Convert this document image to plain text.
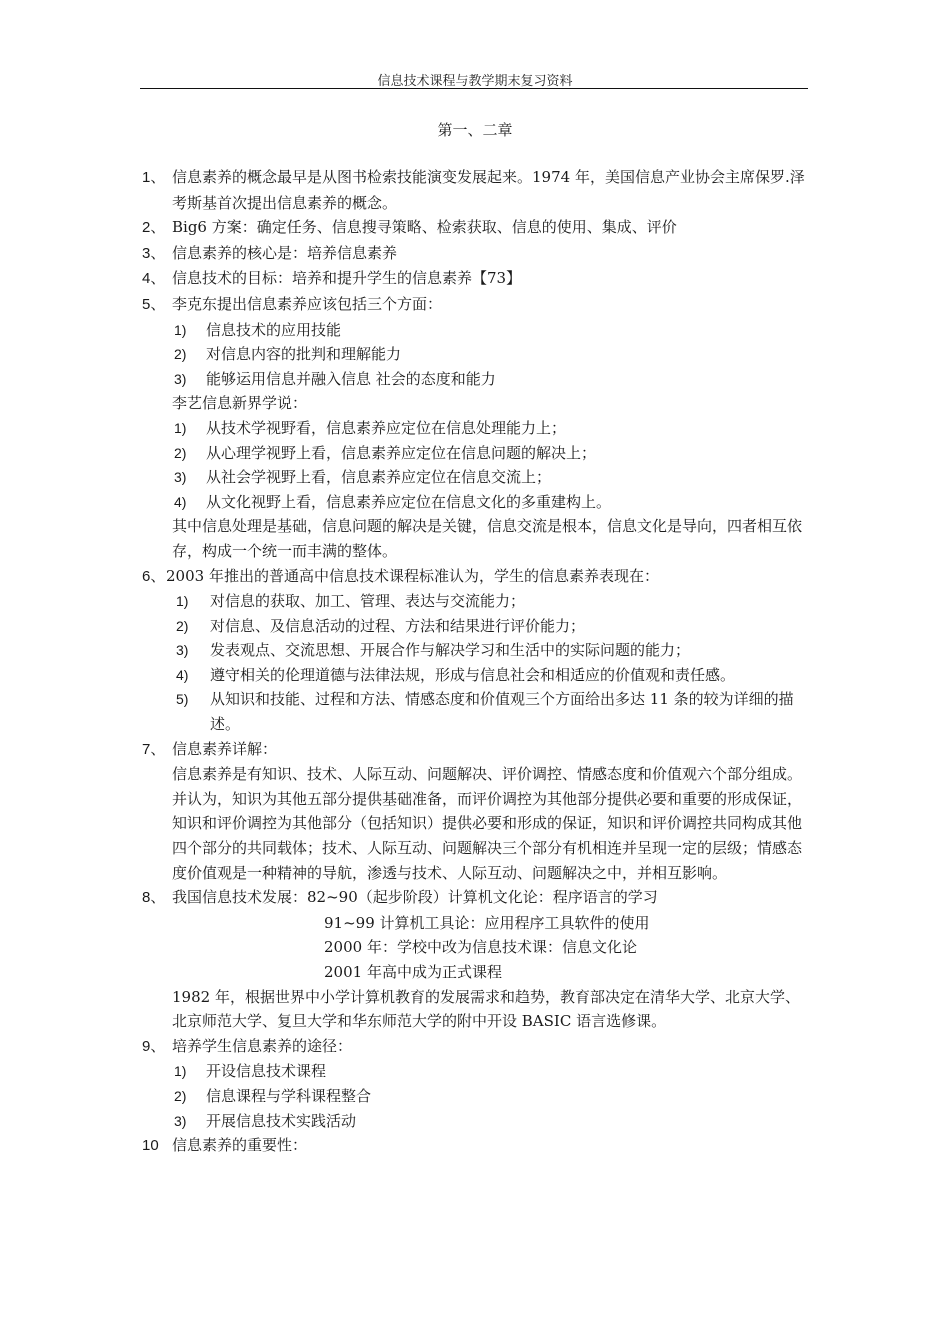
信息技术课程与教学期末复习资料
第一、二章
1、 信息素养的概念最早是从图书检索技能演变发展起来。1974 年，美国信息产业协会主席保罗.泽考斯基首次提出信息素养的概念。
2、 Big6 方案：确定任务、信息搜寻策略、检索获取、信息的使用、集成、评价
3、 信息素养的核心是：培养信息素养
4、 信息技术的目标：培养和提升学生的信息素养【73】
5、 李克东提出信息素养应该包括三个方面：
1) 信息技术的应用技能
2) 对信息内容的批判和理解能力
3) 能够运用信息并融入信息 社会的态度和能力
李艺信息新界学说：
1) 从技术学视野看，信息素养应定位在信息处理能力上；
2) 从心理学视野上看，信息素养应定位在信息问题的解决上；
3) 从社会学视野上看，信息素养应定位在信息交流上；
4) 从文化视野上看，信息素养应定位在信息文化的多重建构上。
其中信息处理是基础，信息问题的解决是关键，信息交流是根本，信息文化是导向，四者相互依存，构成一个统一而丰满的整体。
6、2003 年推出的普通高中信息技术课程标准认为，学生的信息素养表现在：
1) 对信息的获取、加工、管理、表达与交流能力；
2) 对信息、及信息活动的过程、方法和结果进行评价能力；
3) 发表观点、交流思想、开展合作与解决学习和生活中的实际问题的能力；
4) 遵守相关的伦理道德与法律法规，形成与信息社会和相适应的价值观和责任感。
5) 从知识和技能、过程和方法、情感态度和价值观三个方面给出多达 11 条的较为详细的描述。
7、 信息素养详解：
信息素养是有知识、技术、人际互动、问题解决、评价调控、情感态度和价值观六个部分组成。
并认为，知识为其他五部分提供基础准备，而评价调控为其他部分提供必要和重要的形成保证，知识和评价调控为其他部分（包括知识）提供必要和形成的保证，知识和评价调控共同构成其他四个部分的共同载体；技术、人际互动、问题解决三个部分有机相连并呈现一定的层级；情感态度价值观是一种精神的导航，渗透与技术、人际互动、问题解决之中，并相互影响。
8、 我国信息技术发展：82~90（起步阶段）计算机文化论：程序语言的学习
91~99 计算机工具论：应用程序工具软件的使用
2000 年：学校中改为信息技术课：信息文化论
2001 年高中成为正式课程
1982 年，根据世界中小学计算机教育的发展需求和趋势，教育部决定在清华大学、北京大学、北京师范大学、复旦大学和华东师范大学的附中开设 BASIC 语言选修课。
9、 培养学生信息素养的途径：
1) 开设信息技术课程
2) 信息课程与学科课程整合
3) 开展信息技术实践活动
10 信息素养的重要性：
